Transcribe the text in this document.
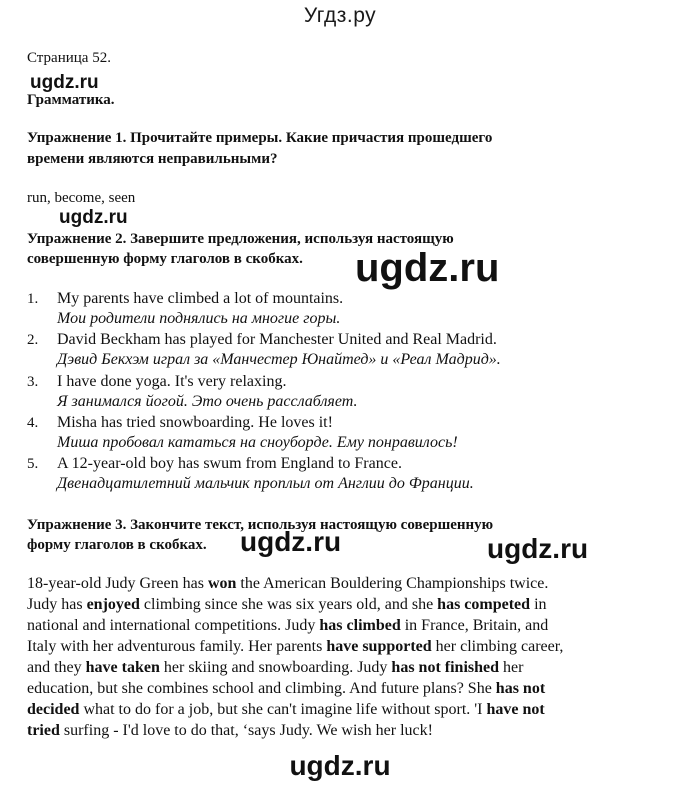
Угдз.ру
Страница 52.
ugdz.ru
Грамматика.
Упражнение 1. Прочитайте примеры. Какие причастия прошедшего
времени являются неправильными?
run, become, seen
ugdz.ru
Упражнение 2. Завершите предложения, используя настоящую
совершенную форму глаголов в скобках. ugdz.ru
1. My parents have climbed a lot of mountains.
Мои родители поднялись на многие горы.
2. David Beckham has played for Manchester United and Real Madrid.
Дэвид Бекхэм играл за «Манчестер Юнайтед» и «Реал Мадрид».
3. I have done yoga. It's very relaxing.
Я занимался йогой. Это очень расслабляет.
4. Misha has tried snowboarding. He loves it!
Миша пробовал кататься на сноуборде. Ему понравилось!
5. A 12-year-old boy has swum from England to France.
Двенадцатилетний мальчик проплыл от Англии до Франции.
Упражнение 3. Закончите текст, используя настоящую совершенную
форму глаголов в скобках. ugdz.ru	ugdz.ru
18-year-old Judy Green has won the American Bouldering Championships twice.
Judy has enjoyed climbing since she was six years old, and she has competed in
national and international competitions. Judy has climbed in France, Britain, and
Italy with her adventurous family. Her parents have supported her climbing career,
and they have taken her skiing and snowboarding. Judy has not finished her
education, but she combines school and climbing. And future plans? She has not
decided what to do for a job, but she can't imagine life without sport. 'I have not
tried surfing - I'd love to do that, ‘says Judy. We wish her luck!
ugdz.ru
